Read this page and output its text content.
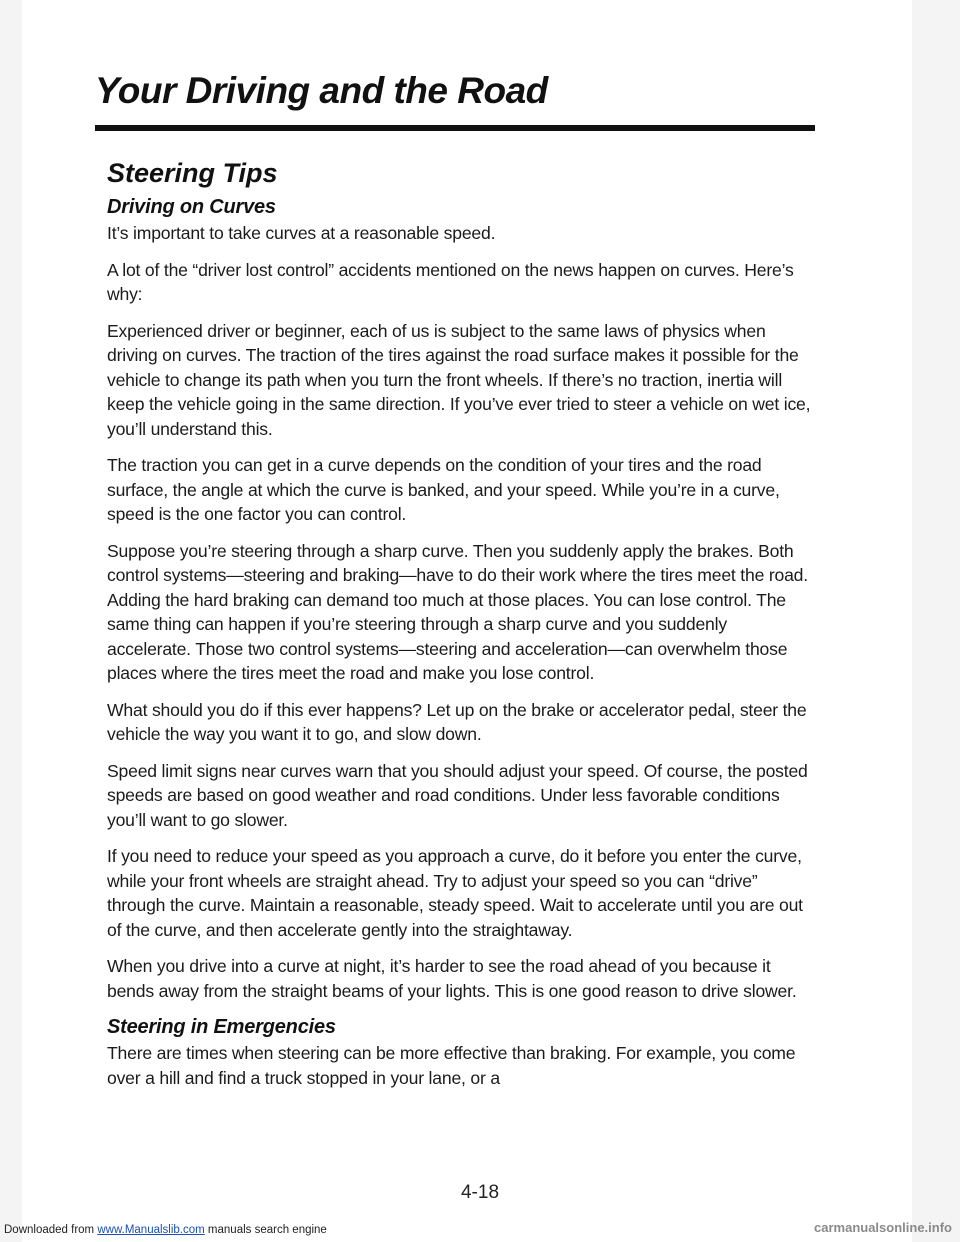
Your Driving and the Road
Steering Tips
Driving on Curves

It’s important to take curves at a reasonable speed.

A lot of the “driver lost control” accidents mentioned on the news happen on curves. Here’s why:

Experienced driver or beginner, each of us is subject to the same laws of physics when driving on curves. The traction of the tires against the road surface makes it possible for the vehicle to change its path when you turn the front wheels. If there’s no traction, inertia will keep the vehicle going in the same direction. If you’ve ever tried to steer a vehicle on wet ice, you’ll understand this.

The traction you can get in a curve depends on the condition of your tires and the road surface, the angle at which the curve is banked, and your speed. While you’re in a curve, speed is the one factor you can control.

Suppose you’re steering through a sharp curve. Then you suddenly apply the brakes. Both control systems—steering and braking—have to do their work where the tires meet the road. Adding the hard braking can demand too much at those places. You can lose control. The same thing can happen if you’re steering through a sharp curve and you suddenly accelerate. Those two control systems—steering and acceleration—can overwhelm those places where the tires meet the road and make you lose control.

What should you do if this ever happens? Let up on the brake or accelerator pedal, steer the vehicle the way you want it to go, and slow down.

Speed limit signs near curves warn that you should adjust your speed. Of course, the posted speeds are based on good weather and road conditions. Under less favorable conditions you’ll want to go slower.

If you need to reduce your speed as you approach a curve, do it before you enter the curve, while your front wheels are straight ahead. Try to adjust your speed so you can “drive” through the curve. Maintain a reasonable, steady speed. Wait to accelerate until you are out of the curve, and then accelerate gently into the straightaway.

When you drive into a curve at night, it’s harder to see the road ahead of you because it bends away from the straight beams of your lights. This is one good reason to drive slower.

Steering in Emergencies

There are times when steering can be more effective than braking. For example, you come over a hill and find a truck stopped in your lane, or a

4-18
Downloaded from www.Manualslib.com manuals search engine	carmanualsonline.info
